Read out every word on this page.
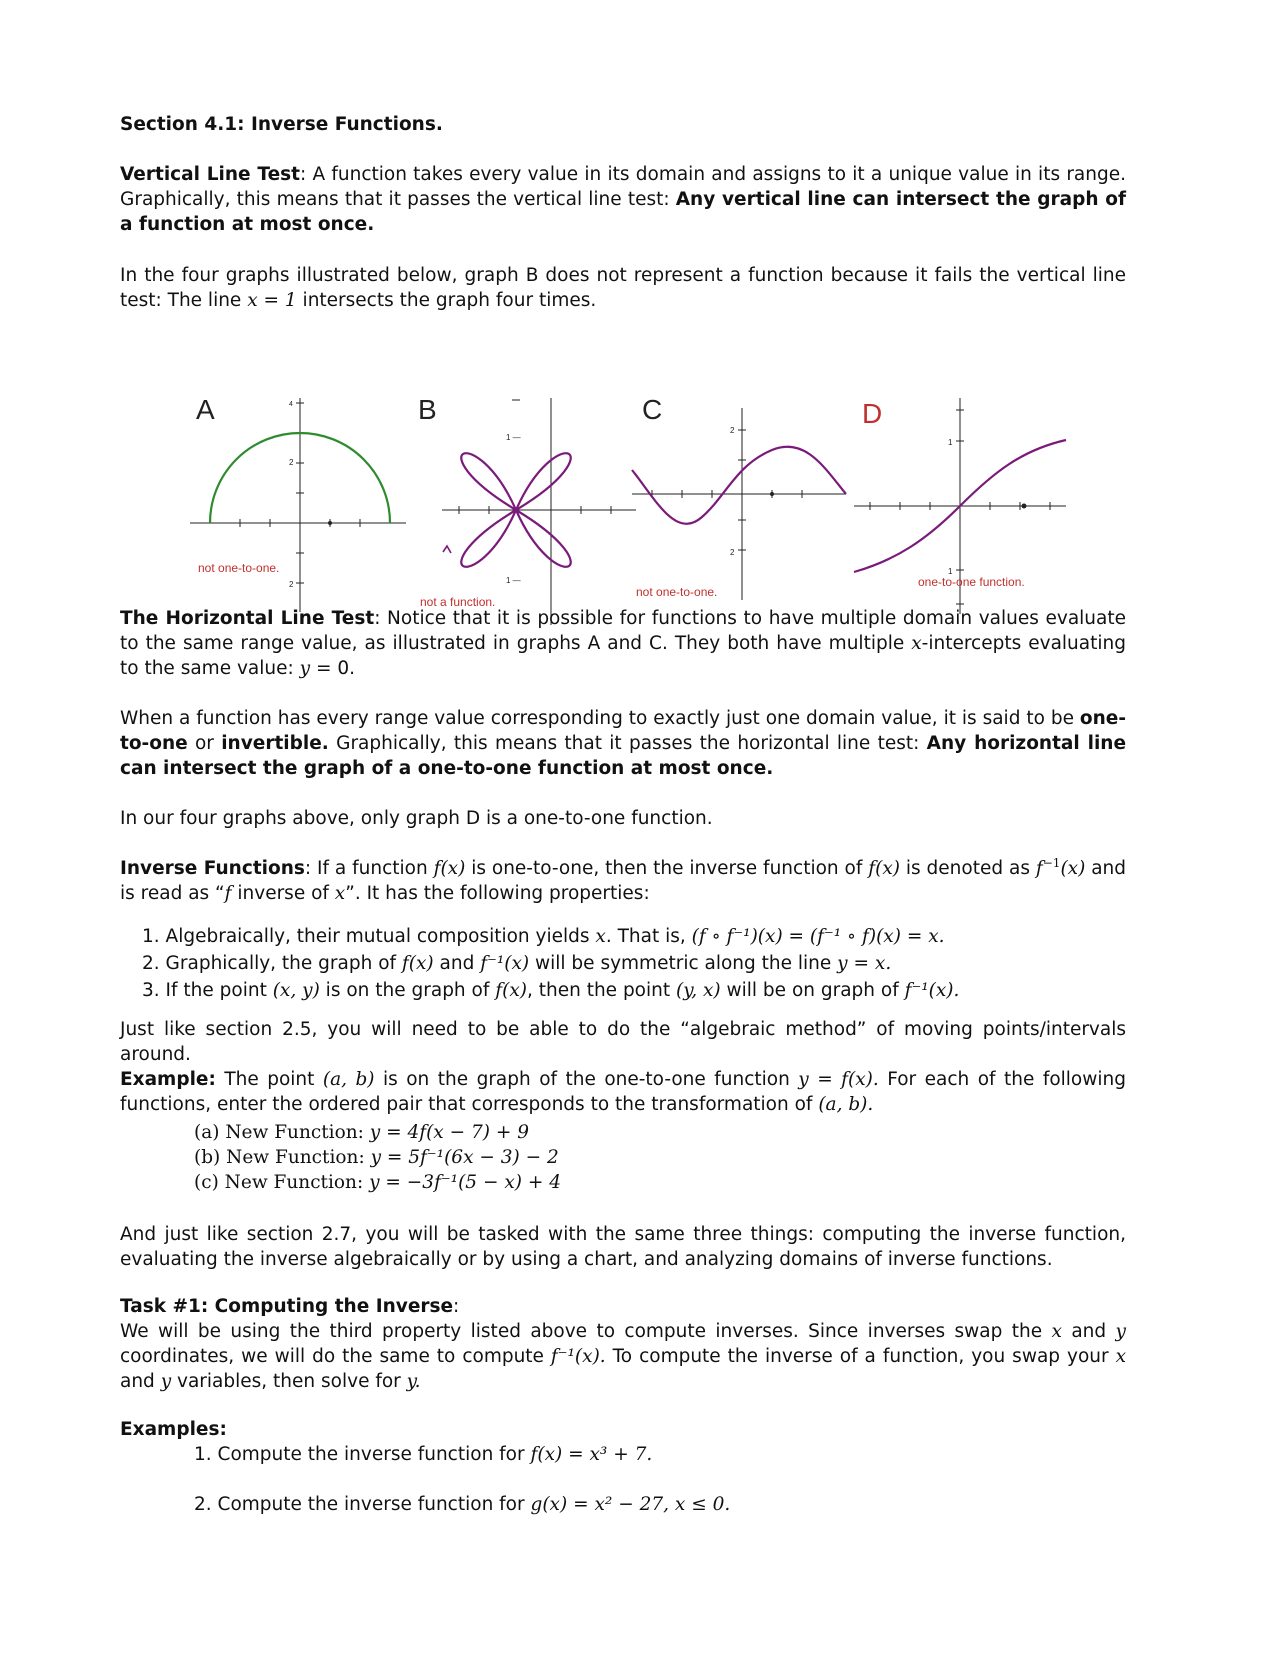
Section 4.1: Inverse Functions.

Vertical Line Test: A function takes every value in its domain and assigns to it a unique value in its range. Graphically, this means that it passes the vertical line test: Any vertical line can intersect the graph of a function at most once.

In the four graphs illustrated below, graph B does not represent a function because it fails the vertical line test: The line x = 1 intersects the graph four times.

A
2
4
2
not one-to-one.
B
1 —
1 —
not a function.
C
2
2
not one-to-one.
D
1
1
one-to-one function.

The Horizontal Line Test: Notice that it is possible for functions to have multiple domain values evaluate to the same range value, as illustrated in graphs A and C. They both have multiple x-intercepts evaluating to the same value: y = 0.

When a function has every range value corresponding to exactly just one domain value, it is said to be one-to-one or invertible. Graphically, this means that it passes the horizontal line test: Any horizontal line can intersect the graph of a one-to-one function at most once.

In our four graphs above, only graph D is a one-to-one function.

Inverse Functions: If a function f(x) is one-to-one, then the inverse function of f(x) is denoted as $f^{-1}(x)$ and is read as “f inverse of x”. It has the following properties:

1. Algebraically, their mutual composition yields x. That is, (f ∘ f⁻¹)(x) = (f⁻¹ ∘ f)(x) = x.
2. Graphically, the graph of f(x) and f⁻¹(x) will be symmetric along the line y = x.
3. If the point (x, y) is on the graph of f(x), then the point (y, x) will be on graph of f⁻¹(x).

Just like section 2.5, you will need to be able to do the “algebraic method” of moving points/intervals around.

Example: The point (a, b) is on the graph of the one-to-one function y = f(x). For each of the following functions, enter the ordered pair that corresponds to the transformation of (a, b).

(a) New Function: y = 4f(x − 7) + 9
(b) New Function: y = 5f⁻¹(6x − 3) − 2
(c) New Function: y = −3f⁻¹(5 − x) + 4

And just like section 2.7, you will be tasked with the same three things: computing the inverse function, evaluating the inverse algebraically or by using a chart, and analyzing domains of inverse functions.

Task #1: Computing the Inverse:
We will be using the third property listed above to compute inverses. Since inverses swap the x and y coordinates, we will do the same to compute f⁻¹(x). To compute the inverse of a function, you swap your x and y variables, then solve for y.

Examples:

1. Compute the inverse function for f(x) = x³ + 7.

2. Compute the inverse function for g(x) = x² − 27, x ≤ 0.
